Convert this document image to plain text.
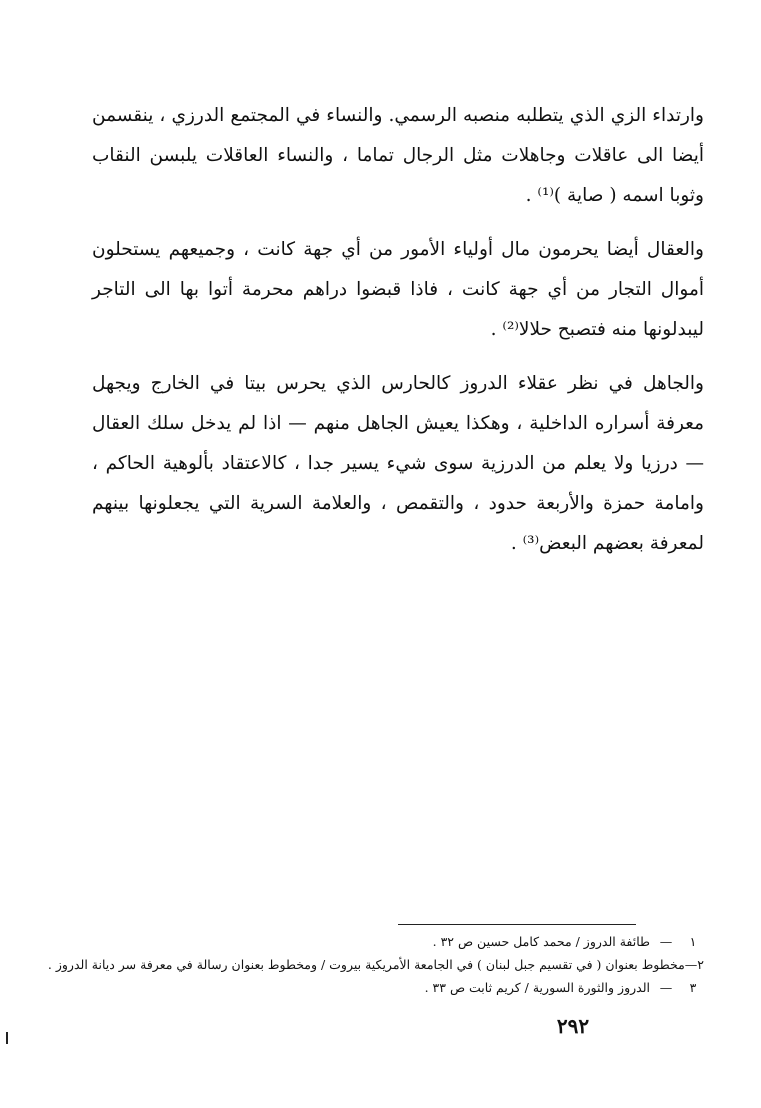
وارتداء الزي الذي يتطلبه منصبه الرسمي. والنساء في المجتمع الدرزي ، ينقسمن أيضا الى عاقلات وجاهلات مثل الرجال تماما ، والنساء العاقلات يلبسن النقاب وثوبا اسمه ( صاية )⁽¹⁾ .

والعقال أيضا يحرمون مال أولياء الأمور من أي جهة كانت ، وجميعهم يستحلون أموال التجار من أي جهة كانت ، فاذا قبضوا دراهم محرمة أتوا بها الى التاجر ليبدلونها منه فتصبح حلالا⁽²⁾ .

والجاهل في نظر عقلاء الدروز كالحارس الذي يحرس بيتا في الخارج ويجهل معرفة أسراره الداخلية ، وهكذا يعيش الجاهل منهم — اذا لم يدخل سلك العقال — درزيا ولا يعلم من الدرزية سوى شيء يسير جدا ، كالاعتقاد بألوهية الحاكم ، وامامة حمزة والأربعة حدود ، والتقمص ، والعلامة السرية التي يجعلونها بينهم لمعرفة بعضهم البعض⁽³⁾ .

١
—
طائفة الدروز / محمد كامل حسين ص ٣٢ .
٢
—
مخطوط بعنوان ( في تقسيم جبل لبنان ) في الجامعة الأمريكية بيروت / ومخطوط بعنوان رسالة في معرفة سر ديانة الدروز .
٣
—
الدروز والثورة السورية / كريم ثابت ص ٣٣ .
٢٩٢
